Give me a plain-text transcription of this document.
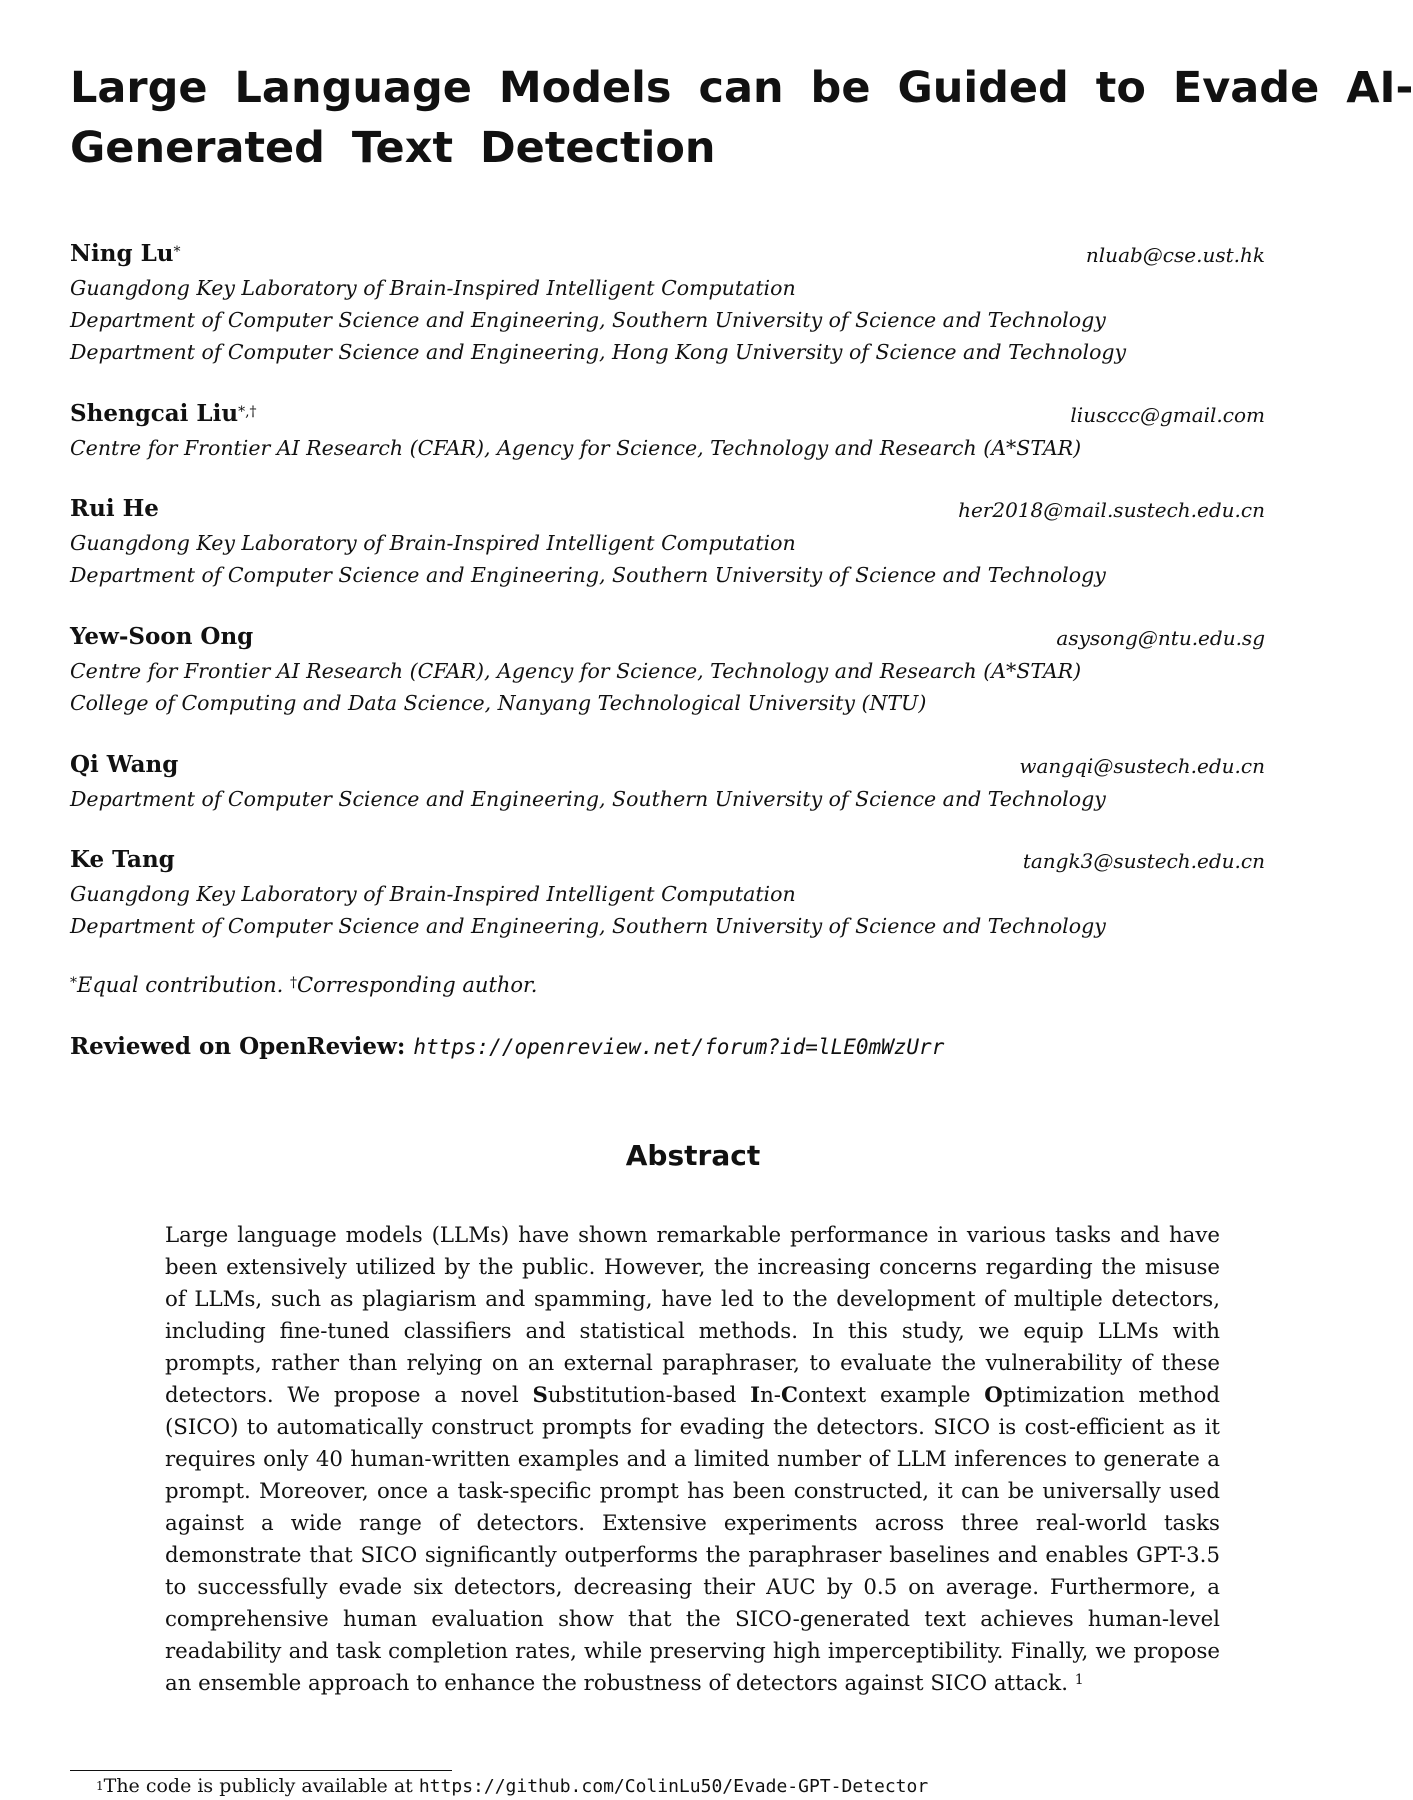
Large Language Models can be Guided to Evade AI-
Generated Text Detection
Ning Lu*	nluab@cse.ust.hk
Guangdong Key Laboratory of Brain-Inspired Intelligent Computation
Department of Computer Science and Engineering, Southern University of Science and Technology
Department of Computer Science and Engineering, Hong Kong University of Science and Technology
Shengcai Liu*,†	liusccc@gmail.com
Centre for Frontier AI Research (CFAR), Agency for Science, Technology and Research (A*STAR)
Rui He	her2018@mail.sustech.edu.cn
Guangdong Key Laboratory of Brain-Inspired Intelligent Computation
Department of Computer Science and Engineering, Southern University of Science and Technology
Yew-Soon Ong	asysong@ntu.edu.sg
Centre for Frontier AI Research (CFAR), Agency for Science, Technology and Research (A*STAR)
College of Computing and Data Science, Nanyang Technological University (NTU)
Qi Wang	wangqi@sustech.edu.cn
Department of Computer Science and Engineering, Southern University of Science and Technology
Ke Tang	tangk3@sustech.edu.cn
Guangdong Key Laboratory of Brain-Inspired Intelligent Computation
Department of Computer Science and Engineering, Southern University of Science and Technology
*Equal contribution. †Corresponding author.
Reviewed on OpenReview: https://openreview.net/forum?id=lLE0mWzUrr
Abstract

Large language models (LLMs) have shown remarkable performance in various tasks and have been extensively utilized by the public. However, the increasing concerns regarding the misuse of LLMs, such as plagiarism and spamming, have led to the development of multiple detectors, including fine-tuned classifiers and statistical methods. In this study, we equip LLMs with prompts, rather than relying on an external paraphraser, to evaluate the vulnerability of these detectors. We propose a novel Substitution-based In-Context example Optimization method (SICO) to automatically construct prompts for evading the detectors. SICO is cost-efficient as it requires only 40 human-written examples and a limited number of LLM inferences to generate a prompt. Moreover, once a task-specific prompt has been constructed, it can be universally used against a wide range of detectors. Extensive experiments across three real-world tasks demonstrate that SICO significantly outperforms the paraphraser baselines and enables GPT-3.5 to successfully evade six detectors, decreasing their AUC by 0.5 on average. Furthermore, a comprehensive human evaluation show that the SICO-generated text achieves human-level readability and task completion rates, while preserving high imperceptibility. Finally, we propose an ensemble approach to enhance the robustness of detectors against SICO attack. $^1$

$^1$The code is publicly available at https://github.com/ColinLu50/Evade-GPT-Detector
